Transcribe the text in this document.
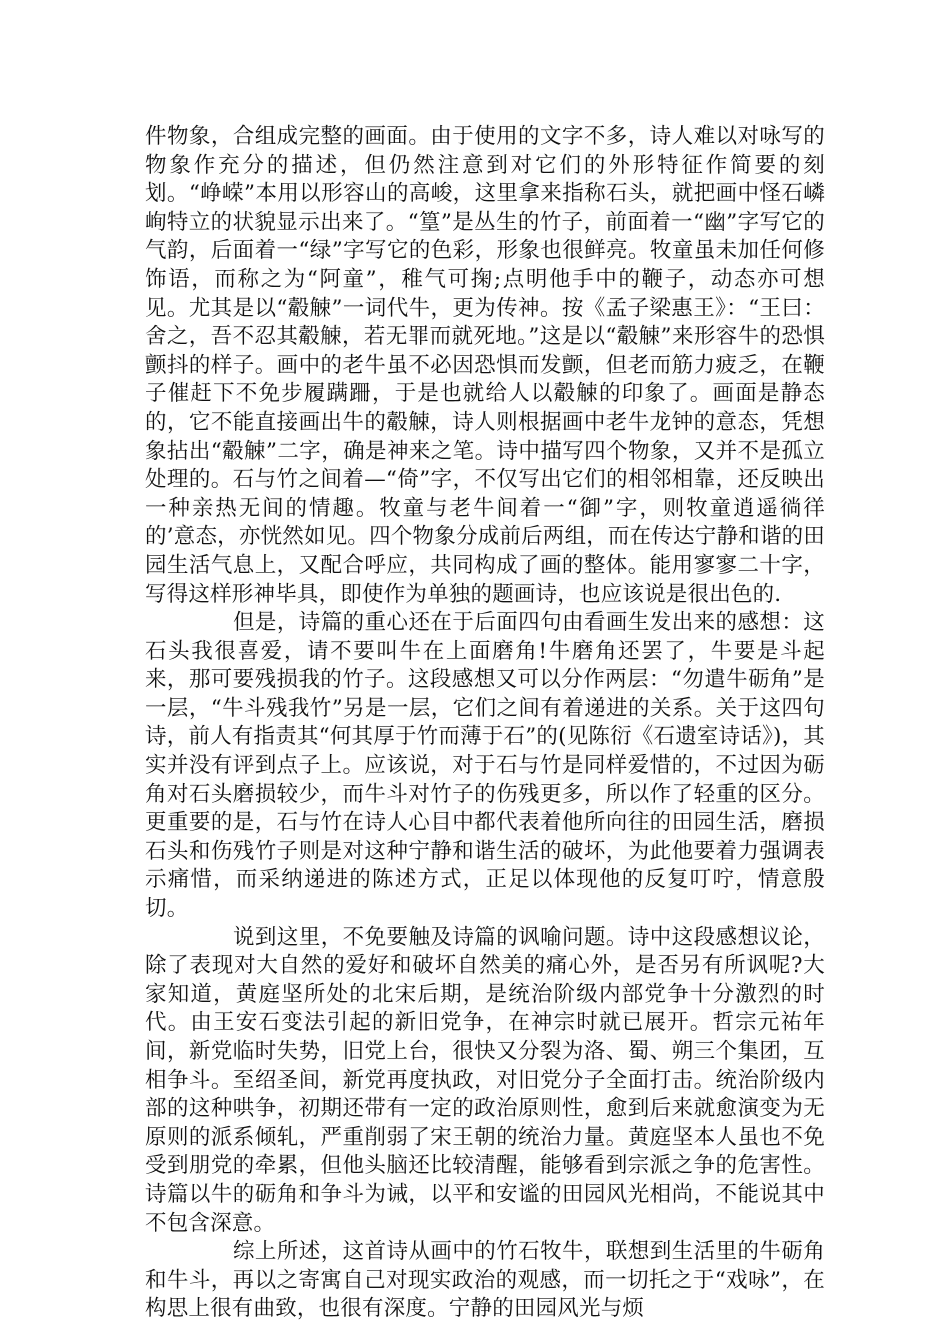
件物象，合组成完整的画面。由于使用的文字不多，诗人难以对咏写的物象作充分的描述，但仍然注意到对它们的外形特征作简要的刻划。“峥嵘”本用以形容山的高峻，这里拿来指称石头，就把画中怪石嶙峋特立的状貌显示出来了。“篁”是丛生的竹子，前面着一“幽”字写它的气韵，后面着一“绿”字写它的色彩，形象也很鲜亮。牧童虽未加任何修饰语，而称之为“阿童”，稚气可掬;点明他手中的鞭子，动态亦可想见。尤其是以“觳觫”一词代牛，更为传神。按《孟子梁惠王》：“王曰：舍之，吾不忍其觳觫，若无罪而就死地。”这是以“觳觫”来形容牛的恐惧颤抖的样子。画中的老牛虽不必因恐惧而发颤，但老而筋力疲乏，在鞭子催赶下不免步履蹒跚，于是也就给人以觳觫的印象了。画面是静态的，它不能直接画出牛的觳觫，诗人则根据画中老牛龙钟的意态，凭想象拈出“觳觫”二字，确是神来之笔。诗中描写四个物象，又并不是孤立处理的。石与竹之间着—“倚”字，不仅写出它们的相邻相靠，还反映出一种亲热无间的情趣。牧童与老牛间着一“御”字，则牧童逍遥徜徉的’意态，亦恍然如见。四个物象分成前后两组，而在传达宁静和谐的田园生活气息上，又配合呼应，共同构成了画的整体。能用寥寥二十字，写得这样形神毕具，即使作为单独的题画诗，也应该说是很出色的.

但是，诗篇的重心还在于后面四句由看画生发出来的感想：这石头我很喜爱，请不要叫牛在上面磨角!牛磨角还罢了，牛要是斗起来，那可要残损我的竹子。这段感想又可以分作两层：“勿遣牛砺角”是一层，“牛斗残我竹”另是一层，它们之间有着递进的关系。关于这四句诗，前人有指责其“何其厚于竹而薄于石”的(见陈衍《石遗室诗话》)，其实并没有评到点子上。应该说，对于石与竹是同样爱惜的，不过因为砺角对石头磨损较少，而牛斗对竹子的伤残更多，所以作了轻重的区分。更重要的是，石与竹在诗人心目中都代表着他所向往的田园生活，磨损石头和伤残竹子则是对这种宁静和谐生活的破坏，为此他要着力强调表示痛惜，而采纳递进的陈述方式，正足以体现他的反复叮咛，情意殷切。

说到这里，不免要触及诗篇的讽喻问题。诗中这段感想议论，除了表现对大自然的爱好和破坏自然美的痛心外，是否另有所讽呢?大家知道，黄庭坚所处的北宋后期，是统治阶级内部党争十分激烈的时代。由王安石变法引起的新旧党争，在神宗时就已展开。哲宗元祐年间，新党临时失势，旧党上台，很快又分裂为洛、蜀、朔三个集团，互相争斗。至绍圣间，新党再度执政，对旧党分子全面打击。统治阶级内部的这种哄争，初期还带有一定的政治原则性，愈到后来就愈演变为无原则的派系倾轧，严重削弱了宋王朝的统治力量。黄庭坚本人虽也不免受到朋党的牵累，但他头脑还比较清醒，能够看到宗派之争的危害性。诗篇以牛的砺角和争斗为诫，以平和安谧的田园风光相尚，不能说其中不包含深意。

综上所述，这首诗从画中的竹石牧牛，联想到生活里的牛砺角和牛斗，再以之寄寓自己对现实政治的观感，而一切托之于“戏咏”，在构思上很有曲致，也很有深度。宁静的田园风光与烦
